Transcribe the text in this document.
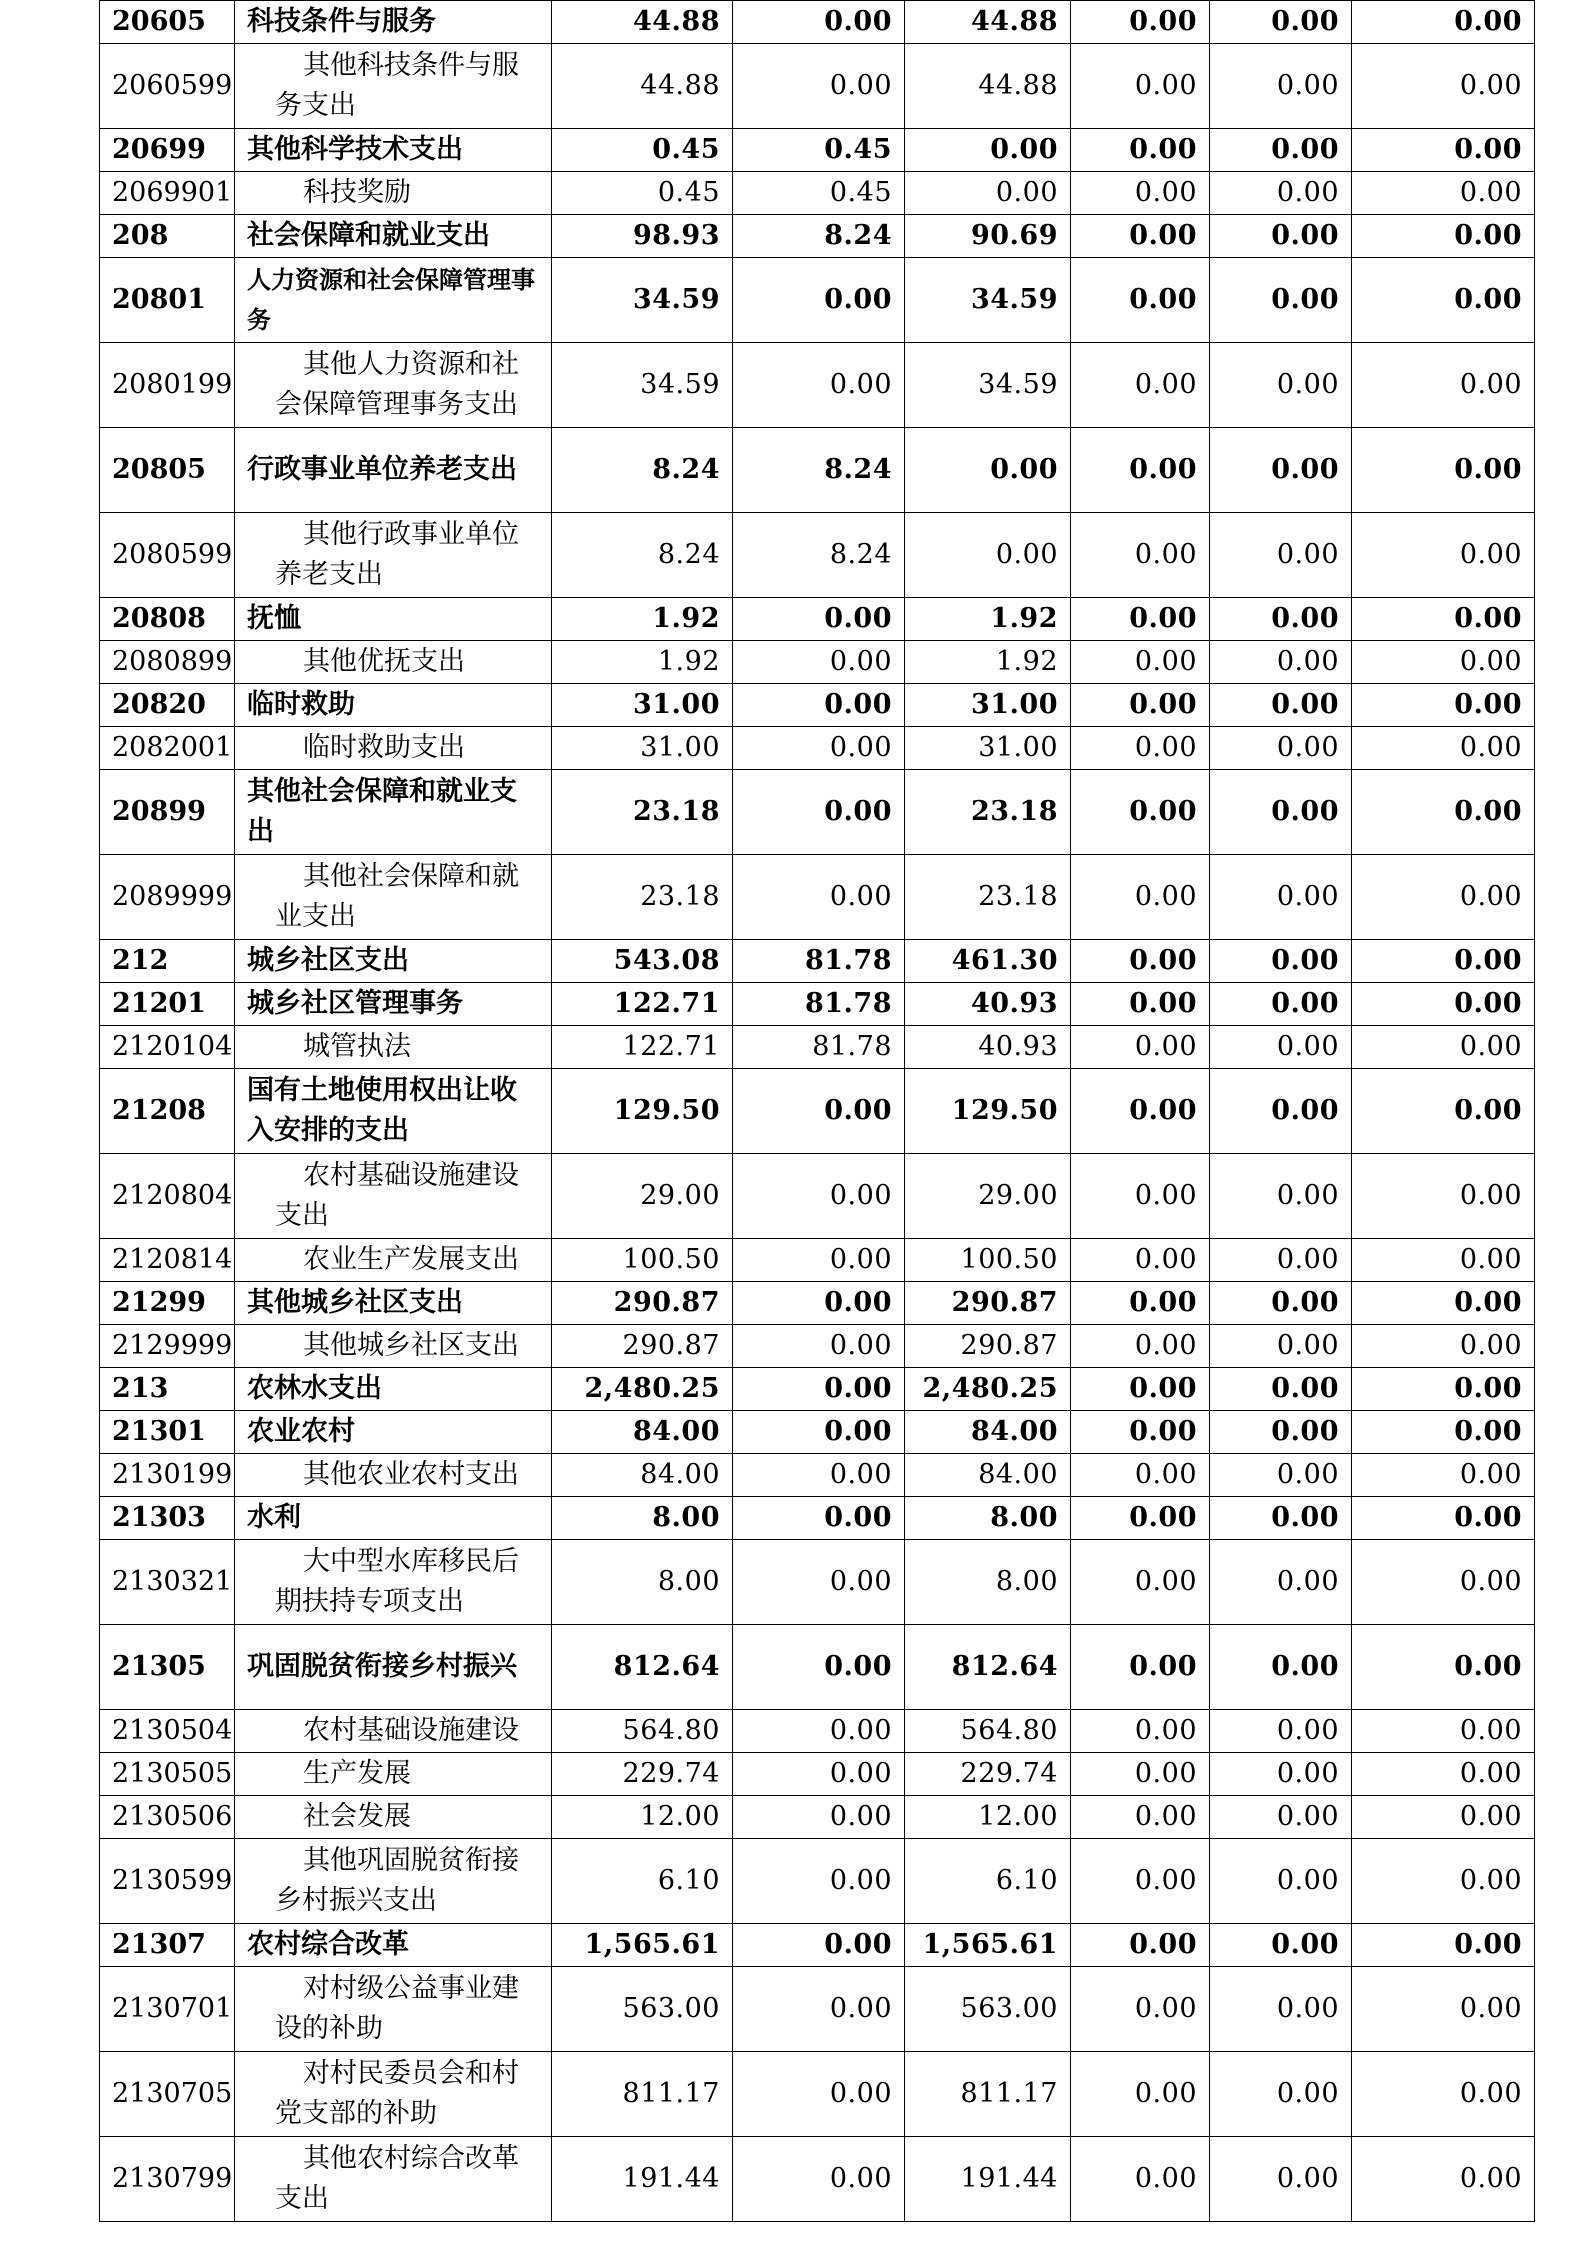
20605	科技条件与服务	44.88	0.00	44.88	0.00	0.00	0.00
2060599	其他科技条件与服务支出	44.88	0.00	44.88	0.00	0.00	0.00
20699	其他科学技术支出	0.45	0.45	0.00	0.00	0.00	0.00
2069901	科技奖励	0.45	0.45	0.00	0.00	0.00	0.00
208	社会保障和就业支出	98.93	8.24	90.69	0.00	0.00	0.00
20801	人力资源和社会保障管理事务	34.59	0.00	34.59	0.00	0.00	0.00
2080199	其他人力资源和社会保障管理事务支出	34.59	0.00	34.59	0.00	0.00	0.00
20805	行政事业单位养老支出	8.24	8.24	0.00	0.00	0.00	0.00
2080599	其他行政事业单位养老支出	8.24	8.24	0.00	0.00	0.00	0.00
20808	抚恤	1.92	0.00	1.92	0.00	0.00	0.00
2080899	其他优抚支出	1.92	0.00	1.92	0.00	0.00	0.00
20820	临时救助	31.00	0.00	31.00	0.00	0.00	0.00
2082001	临时救助支出	31.00	0.00	31.00	0.00	0.00	0.00
20899	其他社会保障和就业支出	23.18	0.00	23.18	0.00	0.00	0.00
2089999	其他社会保障和就业支出	23.18	0.00	23.18	0.00	0.00	0.00
212	城乡社区支出	543.08	81.78	461.30	0.00	0.00	0.00
21201	城乡社区管理事务	122.71	81.78	40.93	0.00	0.00	0.00
2120104	城管执法	122.71	81.78	40.93	0.00	0.00	0.00
21208	国有土地使用权出让收入安排的支出	129.50	0.00	129.50	0.00	0.00	0.00
2120804	农村基础设施建设支出	29.00	0.00	29.00	0.00	0.00	0.00
2120814	农业生产发展支出	100.50	0.00	100.50	0.00	0.00	0.00
21299	其他城乡社区支出	290.87	0.00	290.87	0.00	0.00	0.00
2129999	其他城乡社区支出	290.87	0.00	290.87	0.00	0.00	0.00
213	农林水支出	2,480.25	0.00	2,480.25	0.00	0.00	0.00
21301	农业农村	84.00	0.00	84.00	0.00	0.00	0.00
2130199	其他农业农村支出	84.00	0.00	84.00	0.00	0.00	0.00
21303	水利	8.00	0.00	8.00	0.00	0.00	0.00
2130321	大中型水库移民后期扶持专项支出	8.00	0.00	8.00	0.00	0.00	0.00
21305	巩固脱贫衔接乡村振兴	812.64	0.00	812.64	0.00	0.00	0.00
2130504	农村基础设施建设	564.80	0.00	564.80	0.00	0.00	0.00
2130505	生产发展	229.74	0.00	229.74	0.00	0.00	0.00
2130506	社会发展	12.00	0.00	12.00	0.00	0.00	0.00
2130599	其他巩固脱贫衔接乡村振兴支出	6.10	0.00	6.10	0.00	0.00	0.00
21307	农村综合改革	1,565.61	0.00	1,565.61	0.00	0.00	0.00
2130701	对村级公益事业建设的补助	563.00	0.00	563.00	0.00	0.00	0.00
2130705	对村民委员会和村党支部的补助	811.17	0.00	811.17	0.00	0.00	0.00
2130799	其他农村综合改革支出	191.44	0.00	191.44	0.00	0.00	0.00
